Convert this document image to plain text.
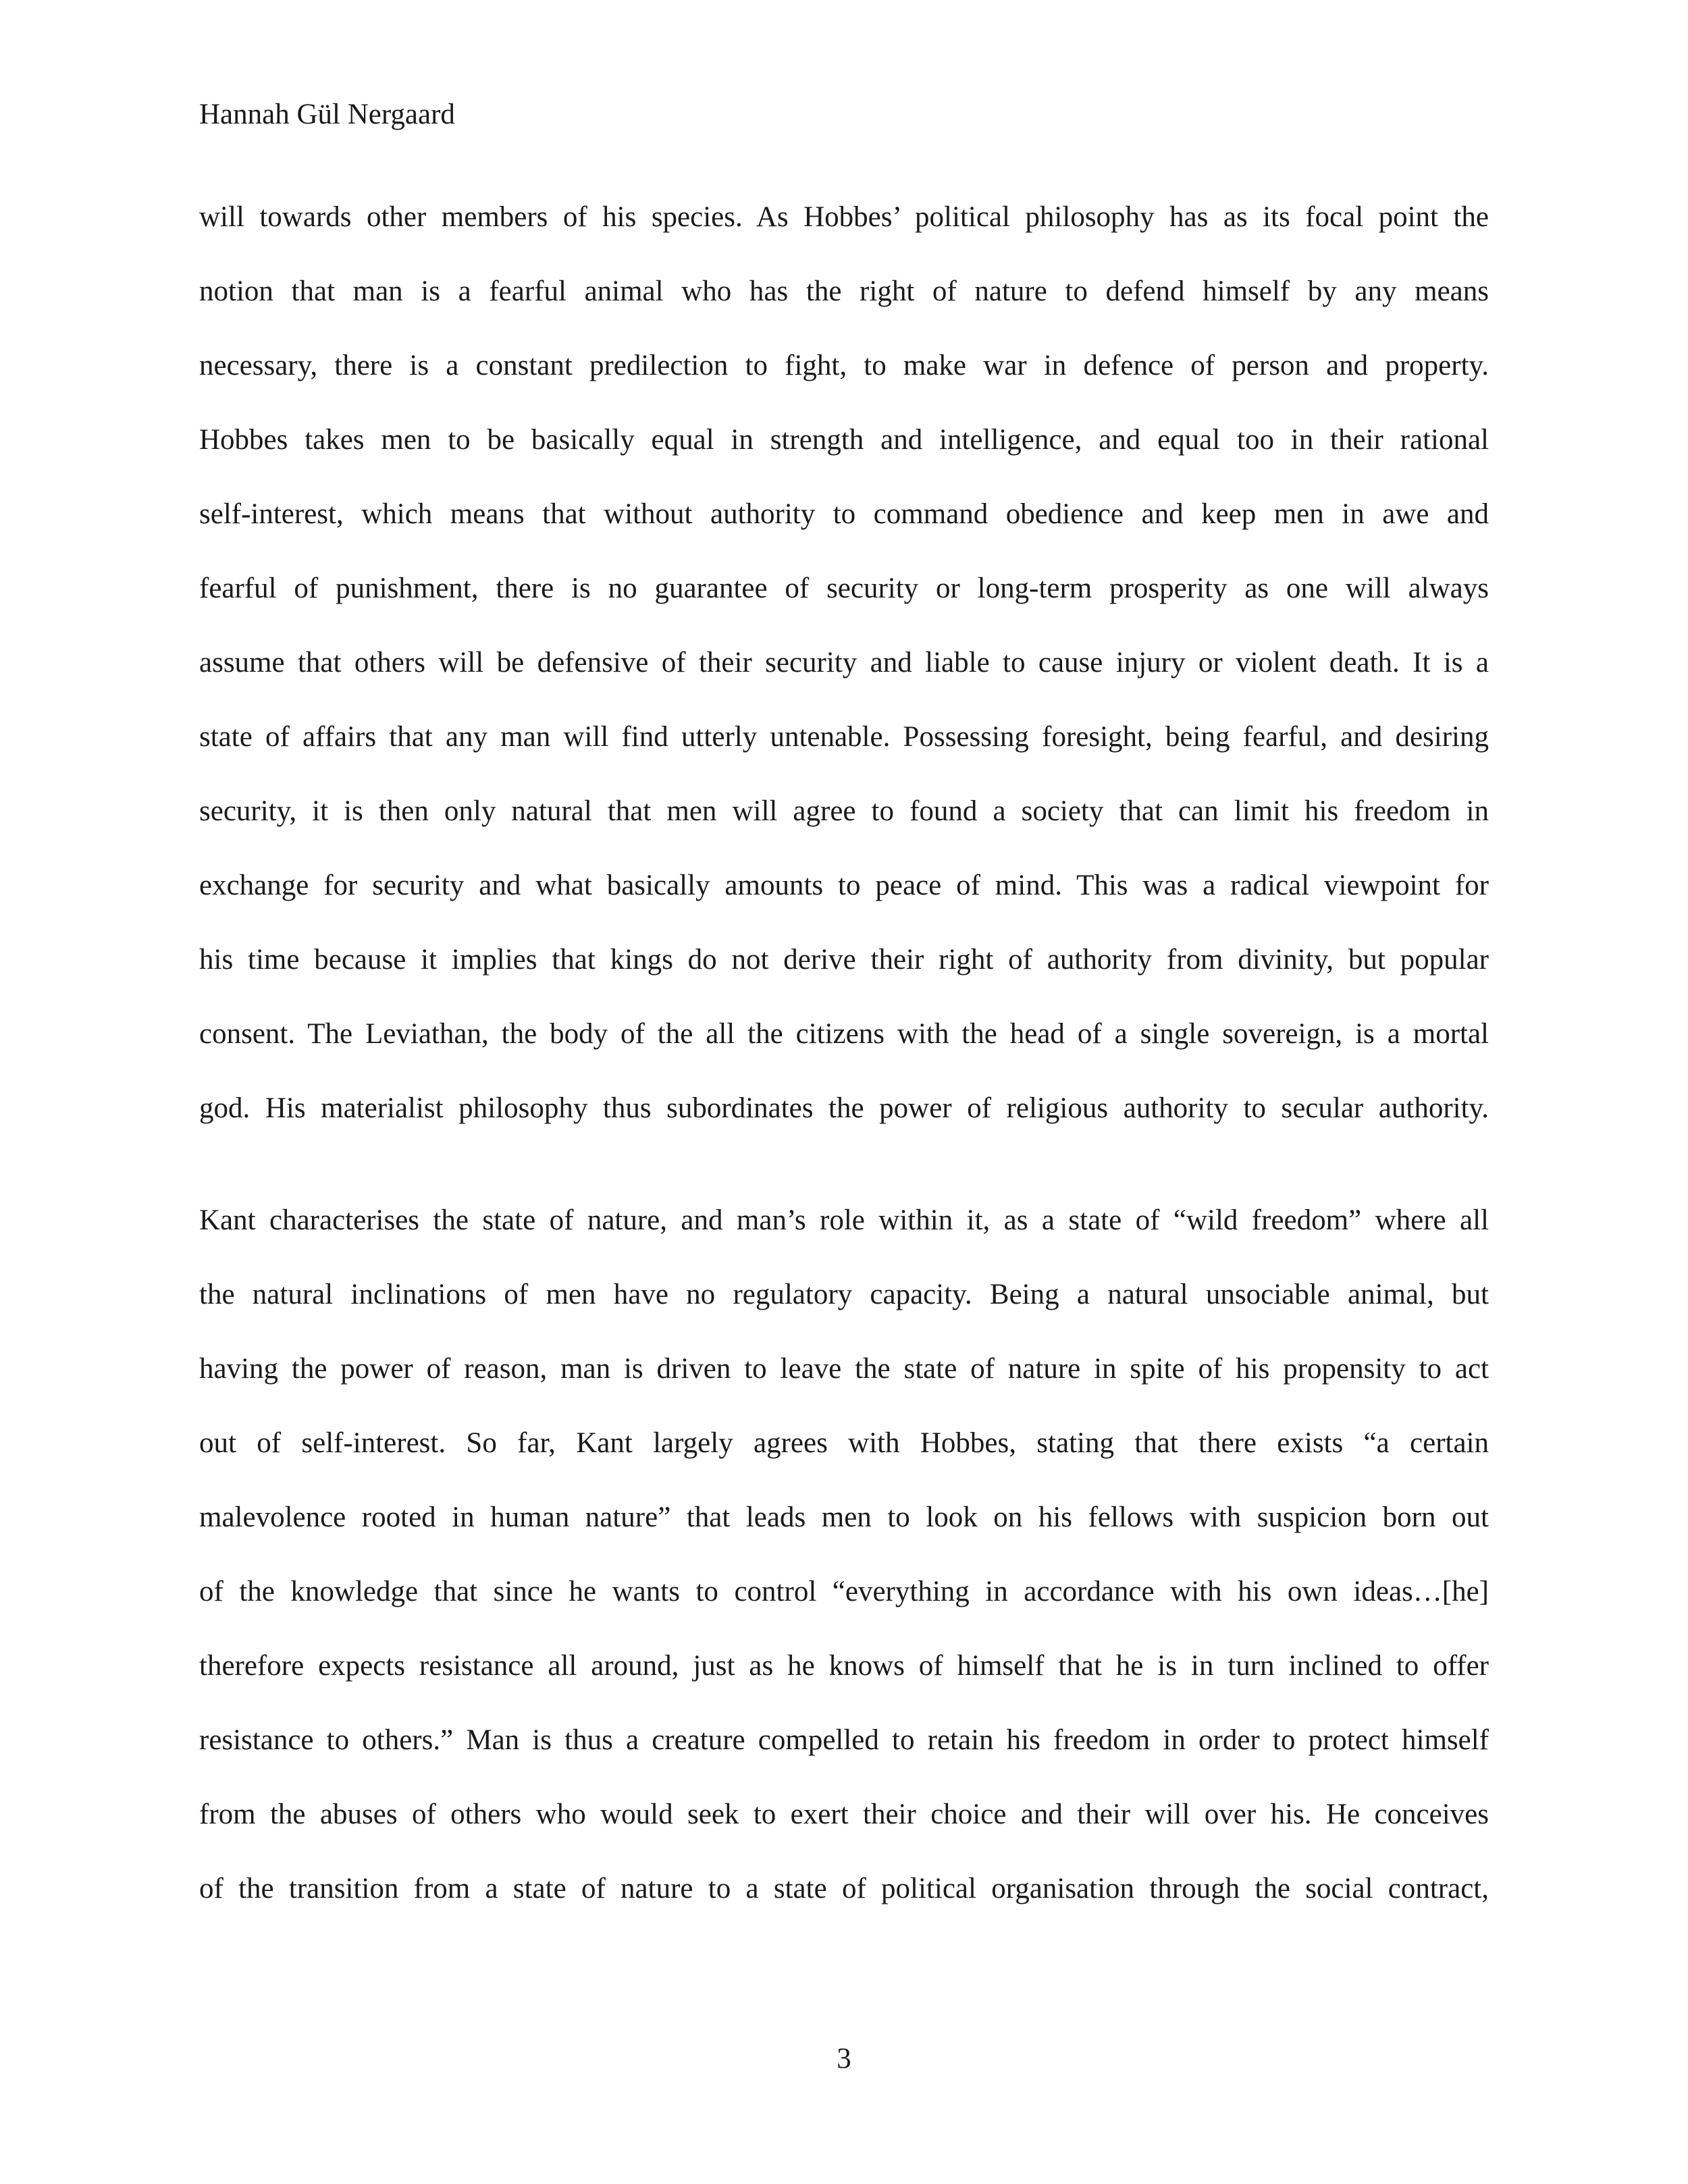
Hannah Gül Nergaard
will towards other members of his species. As Hobbes’ political philosophy has as its focal point the
notion that man is a fearful animal who has the right of nature to defend himself by any means
necessary, there is a constant predilection to fight, to make war in defence of person and property.
Hobbes takes men to be basically equal in strength and intelligence, and equal too in their rational
self-interest, which means that without authority to command obedience and keep men in awe and
fearful of punishment, there is no guarantee of security or long-term prosperity as one will always
assume that others will be defensive of their security and liable to cause injury or violent death. It is a
state of affairs that any man will find utterly untenable. Possessing foresight, being fearful, and desiring
security, it is then only natural that men will agree to found a society that can limit his freedom in
exchange for security and what basically amounts to peace of mind. This was a radical viewpoint for
his time because it implies that kings do not derive their right of authority from divinity, but popular
consent. The Leviathan, the body of the all the citizens with the head of a single sovereign, is a mortal
god. His materialist philosophy thus subordinates the power of religious authority to secular authority.
Kant characterises the state of nature, and man’s role within it, as a state of “wild freedom” where all
the natural inclinations of men have no regulatory capacity. Being a natural unsociable animal, but
having the power of reason, man is driven to leave the state of nature in spite of his propensity to act
out of self-interest. So far, Kant largely agrees with Hobbes, stating that there exists “a certain
malevolence rooted in human nature” that leads men to look on his fellows with suspicion born out
of the knowledge that since he wants to control “everything in accordance with his own ideas…[he]
therefore expects resistance all around, just as he knows of himself that he is in turn inclined to offer
resistance to others.” Man is thus a creature compelled to retain his freedom in order to protect himself
from the abuses of others who would seek to exert their choice and their will over his. He conceives
of the transition from a state of nature to a state of political organisation through the social contract,
3
